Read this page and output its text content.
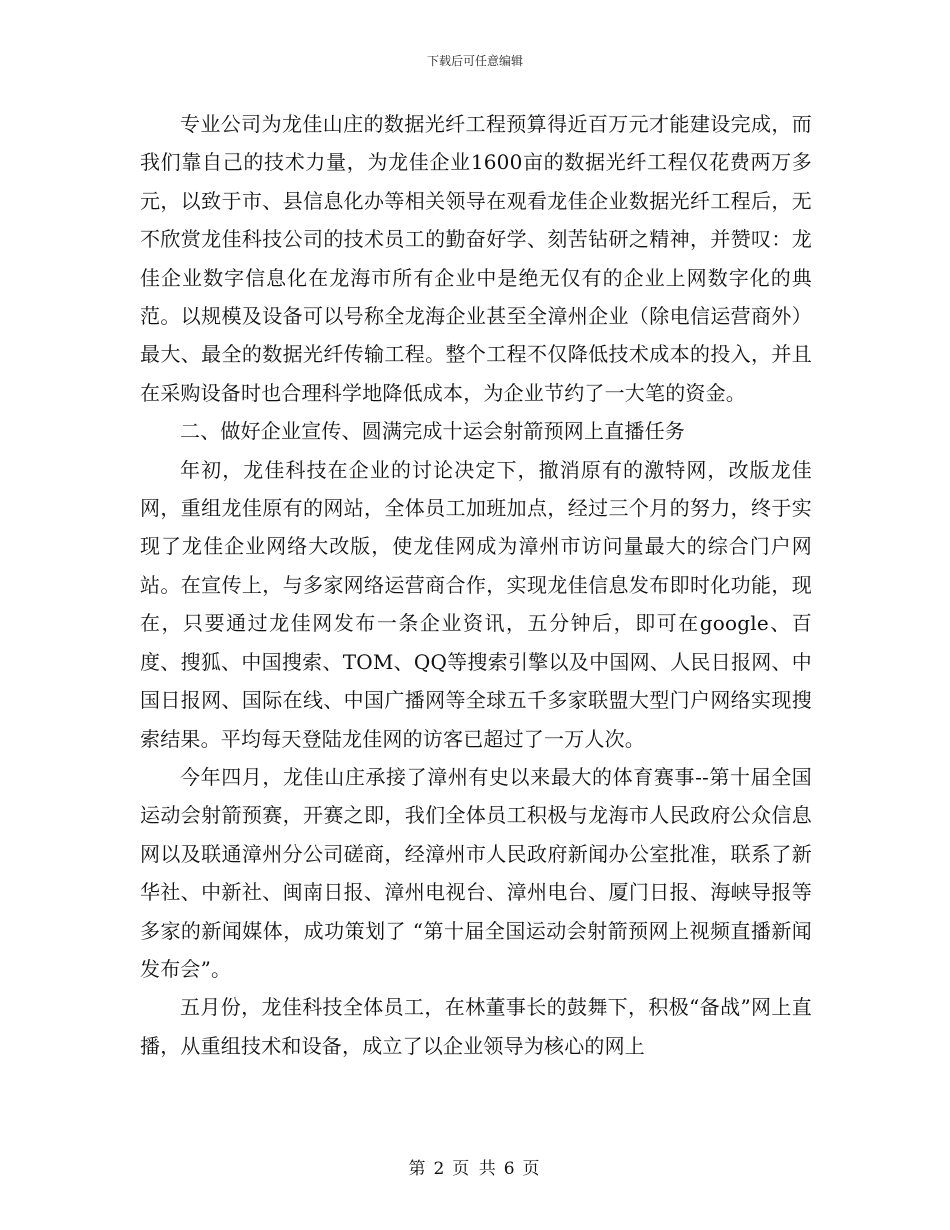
下载后可任意编辑

专业公司为龙佳山庄的数据光纤工程预算得近百万元才能建设完成，而我们靠自己的技术力量，为龙佳企业1600亩的数据光纤工程仅花费两万多元，以致于市、县信息化办等相关领导在观看龙佳企业数据光纤工程后，无不欣赏龙佳科技公司的技术员工的勤奋好学、刻苦钻研之精神，并赞叹：龙佳企业数字信息化在龙海市所有企业中是绝无仅有的企业上网数字化的典范。以规模及设备可以号称全龙海企业甚至全漳州企业（除电信运营商外）最大、最全的数据光纤传输工程。整个工程不仅降低技术成本的投入，并且在采购设备时也合理科学地降低成本，为企业节约了一大笔的资金。

二、做好企业宣传、圆满完成十运会射箭预网上直播任务

年初，龙佳科技在企业的讨论决定下，撤消原有的激特网，改版龙佳网，重组龙佳原有的网站，全体员工加班加点，经过三个月的努力，终于实现了龙佳企业网络大改版，使龙佳网成为漳州市访问量最大的综合门户网站。在宣传上，与多家网络运营商合作，实现龙佳信息发布即时化功能，现在，只要通过龙佳网发布一条企业资讯，五分钟后，即可在google、百度、搜狐、中国搜索、TOM、QQ等搜索引擎以及中国网、人民日报网、中国日报网、国际在线、中国广播网等全球五千多家联盟大型门户网络实现搜索结果。平均每天登陆龙佳网的访客已超过了一万人次。

今年四月，龙佳山庄承接了漳州有史以来最大的体育赛事--第十届全国运动会射箭预赛，开赛之即，我们全体员工积极与龙海市人民政府公众信息网以及联通漳州分公司磋商，经漳州市人民政府新闻办公室批准，联系了新华社、中新社、闽南日报、漳州电视台、漳州电台、厦门日报、海峡导报等多家的新闻媒体，成功策划了 “第十届全国运动会射箭预网上视频直播新闻发布会”。

五月份，龙佳科技全体员工，在林董事长的鼓舞下，积极“备战”网上直播，从重组技术和设备，成立了以企业领导为核心的网上

第 2 页 共 6 页
